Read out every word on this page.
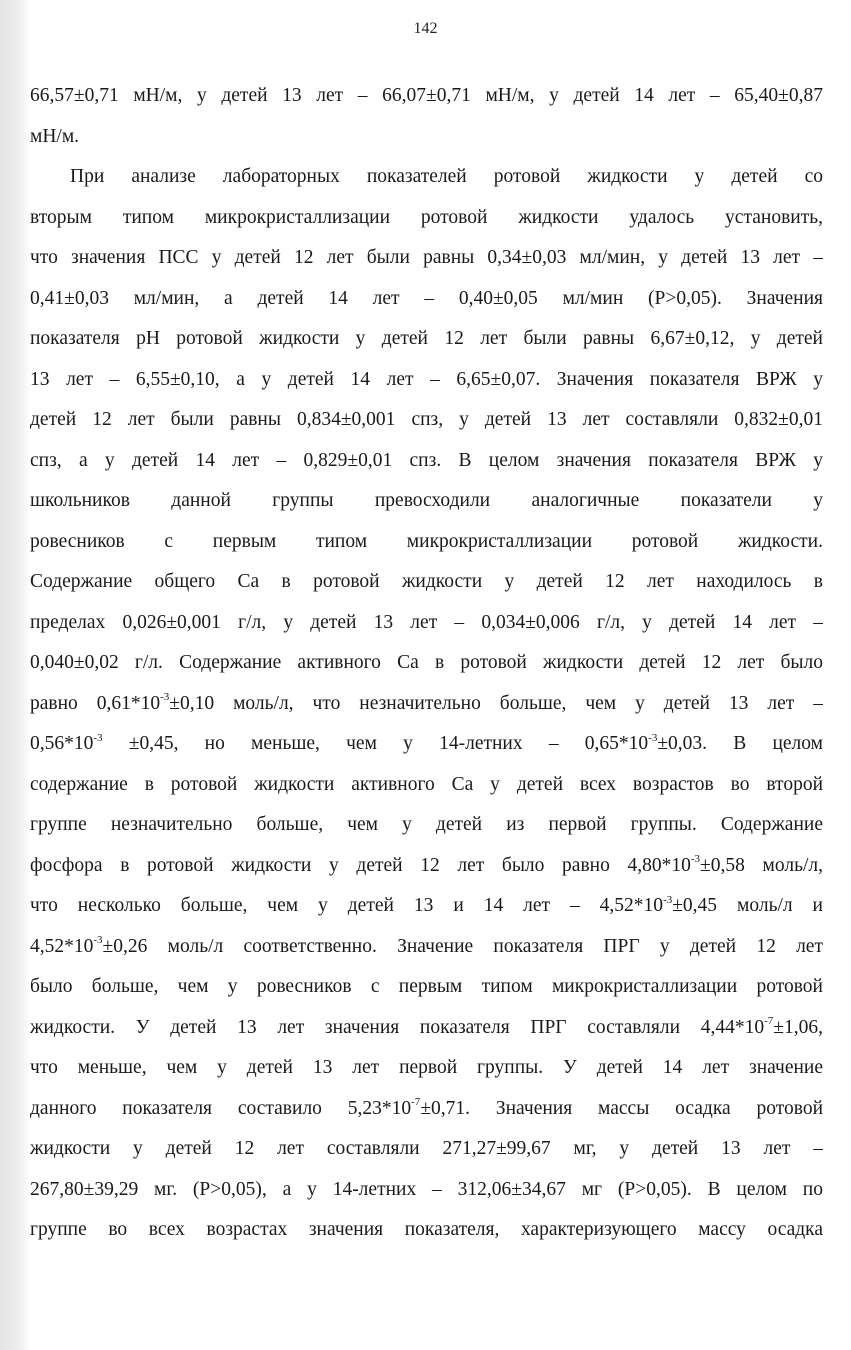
142
66,57±0,71 мН/м, у детей 13 лет – 66,07±0,71 мН/м, у детей 14 лет – 65,40±0,87
мН/м.
При анализе лабораторных показателей ротовой жидкости у детей со
вторым типом микрокристаллизации ротовой жидкости удалось установить,
что значения ПСС у детей 12 лет были равны 0,34±0,03 мл/мин, у детей 13 лет –
0,41±0,03 мл/мин, а детей 14 лет – 0,40±0,05 мл/мин (Р>0,05). Значения
показателя рН ротовой жидкости у детей 12 лет были равны 6,67±0,12, у детей
13 лет – 6,55±0,10, а у детей 14 лет – 6,65±0,07. Значения показателя ВРЖ у
детей 12 лет были равны 0,834±0,001 спз, у детей 13 лет составляли 0,832±0,01
спз, а у детей 14 лет – 0,829±0,01 спз. В целом значения показателя ВРЖ у
школьников данной группы превосходили аналогичные показатели у
ровесников с первым типом микрокристаллизации ротовой жидкости.
Содержание общего Са в ротовой жидкости у детей 12 лет находилось в
пределах 0,026±0,001 г/л, у детей 13 лет – 0,034±0,006 г/л, у детей 14 лет –
0,040±0,02 г/л. Содержание активного Са в ротовой жидкости детей 12 лет было
равно $0,61*10^{-3}\pm 0,10$ моль/л, что незначительно больше, чем у детей 13 лет –
$0,56*10^{-3} \pm 0,45$, но меньше, чем у 14-летних – $0,65*10^{-3}\pm 0,03$. В целом
содержание в ротовой жидкости активного Са у детей всех возрастов во второй
группе незначительно больше, чем у детей из первой группы. Содержание
фосфора в ротовой жидкости у детей 12 лет было равно $4,80*10^{-3}\pm 0,58$ моль/л,
что несколько больше, чем у детей 13 и 14 лет – $4,52*10^{-3}\pm 0,45$ моль/л и
$4,52*10^{-3}\pm 0,26$ моль/л соответственно. Значение показателя ПРГ у детей 12 лет
было больше, чем у ровесников с первым типом микрокристаллизации ротовой
жидкости. У детей 13 лет значения показателя ПРГ составляли $4,44*10^{-7}\pm 1,06$,
что меньше, чем у детей 13 лет первой группы. У детей 14 лет значение
данного показателя составило $5,23*10^{-7}\pm 0,71$. Значения массы осадка ротовой
жидкости у детей 12 лет составляли 271,27±99,67 мг, у детей 13 лет –
267,80±39,29 мг. (Р>0,05), а у 14-летних – 312,06±34,67 мг (Р>0,05). В целом по
группе во всех возрастах значения показателя, характеризующего массу осадка
